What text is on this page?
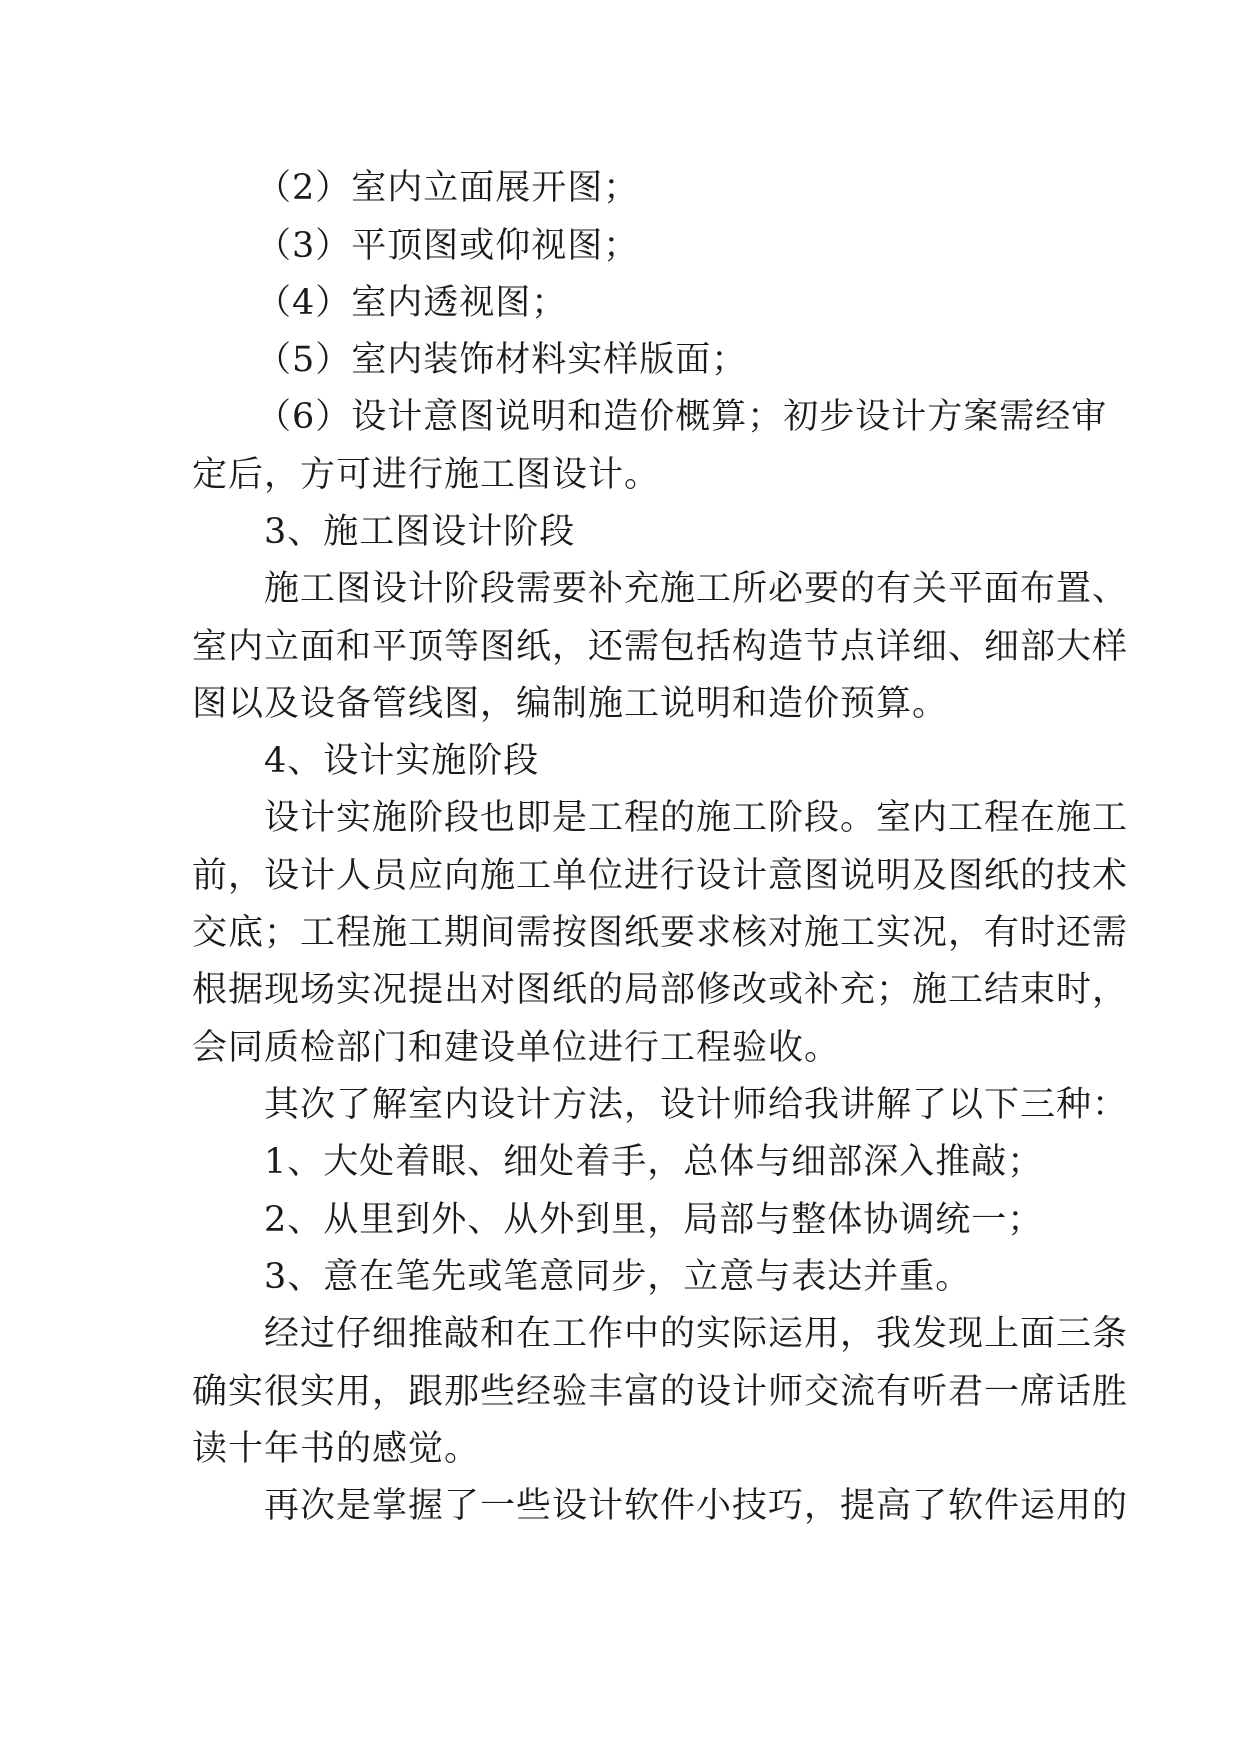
（2）室内立面展开图；
（3）平顶图或仰视图；
（4）室内透视图；
（5）室内装饰材料实样版面；
（6）设计意图说明和造价概算；初步设计方案需经审
定后，方可进行施工图设计。
3、施工图设计阶段
施工图设计阶段需要补充施工所必要的有关平面布置、
室内立面和平顶等图纸，还需包括构造节点详细、细部大样
图以及设备管线图，编制施工说明和造价预算。
4、设计实施阶段
设计实施阶段也即是工程的施工阶段。室内工程在施工
前，设计人员应向施工单位进行设计意图说明及图纸的技术
交底；工程施工期间需按图纸要求核对施工实况，有时还需
根据现场实况提出对图纸的局部修改或补充；施工结束时，
会同质检部门和建设单位进行工程验收。
其次了解室内设计方法，设计师给我讲解了以下三种：
1、大处着眼、细处着手，总体与细部深入推敲；
2、从里到外、从外到里，局部与整体协调统一；
3、意在笔先或笔意同步，立意与表达并重。
经过仔细推敲和在工作中的实际运用，我发现上面三条
确实很实用，跟那些经验丰富的设计师交流有听君一席话胜
读十年书的感觉。
再次是掌握了一些设计软件小技巧，提高了软件运用的
